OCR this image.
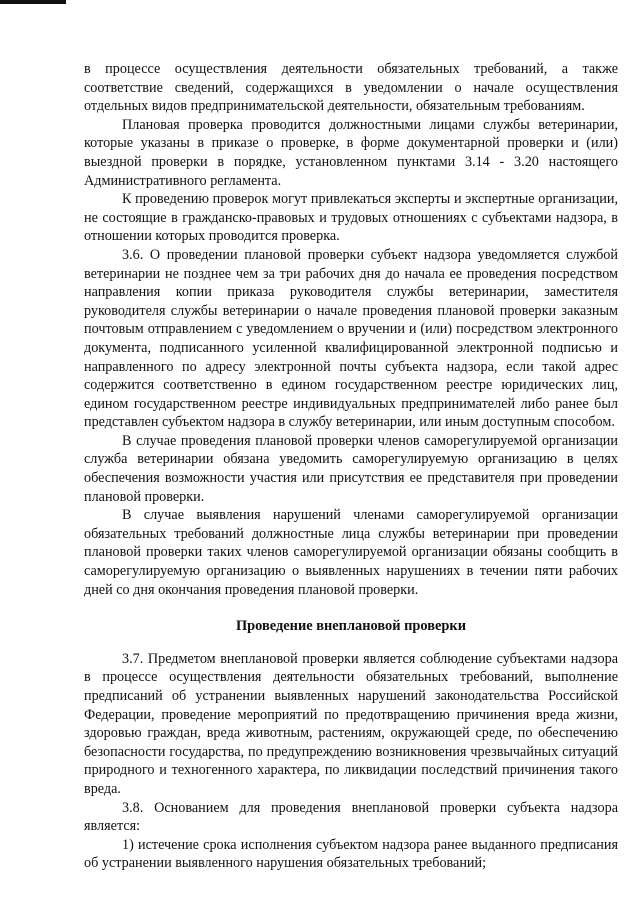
в процессе осуществления деятельности обязательных требований, а также соответствие сведений, содержащихся в уведомлении о начале осуществления отдельных видов предпринимательской деятельности, обязательным требованиям.

Плановая проверка проводится должностными лицами службы ветеринарии, которые указаны в приказе о проверке, в форме документарной проверки и (или) выездной проверки в порядке, установленном пунктами 3.14 - 3.20 настоящего Административного регламента.

К проведению проверок могут привлекаться эксперты и экспертные организации, не состоящие в гражданско-правовых и трудовых отношениях с субъектами надзора, в отношении которых проводится проверка.

3.6. О проведении плановой проверки субъект надзора уведомляется службой ветеринарии не позднее чем за три рабочих дня до начала ее проведения посредством направления копии приказа руководителя службы ветеринарии, заместителя руководителя службы ветеринарии о начале проведения плановой проверки заказным почтовым отправлением с уведомлением о вручении и (или) посредством электронного документа, подписанного усиленной квалифицированной электронной подписью и направленного по адресу электронной почты субъекта надзора, если такой адрес содержится соответственно в едином государственном реестре юридических лиц, едином государственном реестре индивидуальных предпринимателей либо ранее был представлен субъектом надзора в службу ветеринарии, или иным доступным способом.

В случае проведения плановой проверки членов саморегулируемой организации служба ветеринарии обязана уведомить саморегулируемую организацию в целях обеспечения возможности участия или присутствия ее представителя при проведении плановой проверки.

В случае выявления нарушений членами саморегулируемой организации обязательных требований должностные лица службы ветеринарии при проведении плановой проверки таких членов саморегулируемой организации обязаны сообщить в саморегулируемую организацию о выявленных нарушениях в течении пяти рабочих дней со дня окончания проведения плановой проверки.

Проведение внеплановой проверки

3.7. Предметом внеплановой проверки является соблюдение субъектами надзора в процессе осуществления деятельности обязательных требований, выполнение предписаний об устранении выявленных нарушений законодательства Российской Федерации, проведение мероприятий по предотвращению причинения вреда жизни, здоровью граждан, вреда животным, растениям, окружающей среде, по обеспечению безопасности государства, по предупреждению возникновения чрезвычайных ситуаций природного и техногенного характера, по ликвидации последствий причинения такого вреда.

3.8. Основанием для проведения внеплановой проверки субъекта надзора является:

1) истечение срока исполнения субъектом надзора ранее выданного предписания об устранении выявленного нарушения обязательных требований;
